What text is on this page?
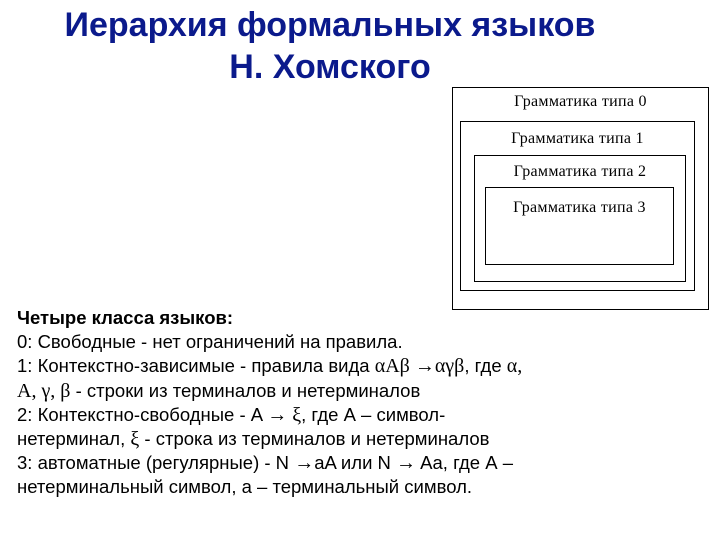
Иерархия формальных языков
Н. Хомского
Грамматика типа 0
Грамматика типа 1
Грамматика типа 2
Грамматика типа 3
Четыре класса языков:
0: Свободные - нет ограничений на правила.
1: Контекстно-зависимые - правила вида αAβ →αγβ, где α,
A, γ, β - строки из терминалов и нетерминалов
2: Контекстно-свободные - A → ξ, где А – символ-
нетерминал, ξ - строка из терминалов и нетерминалов
3: автоматные (регулярные) - N →aA или N → Aa, где А –
нетерминальный символ, a – терминальный символ.
